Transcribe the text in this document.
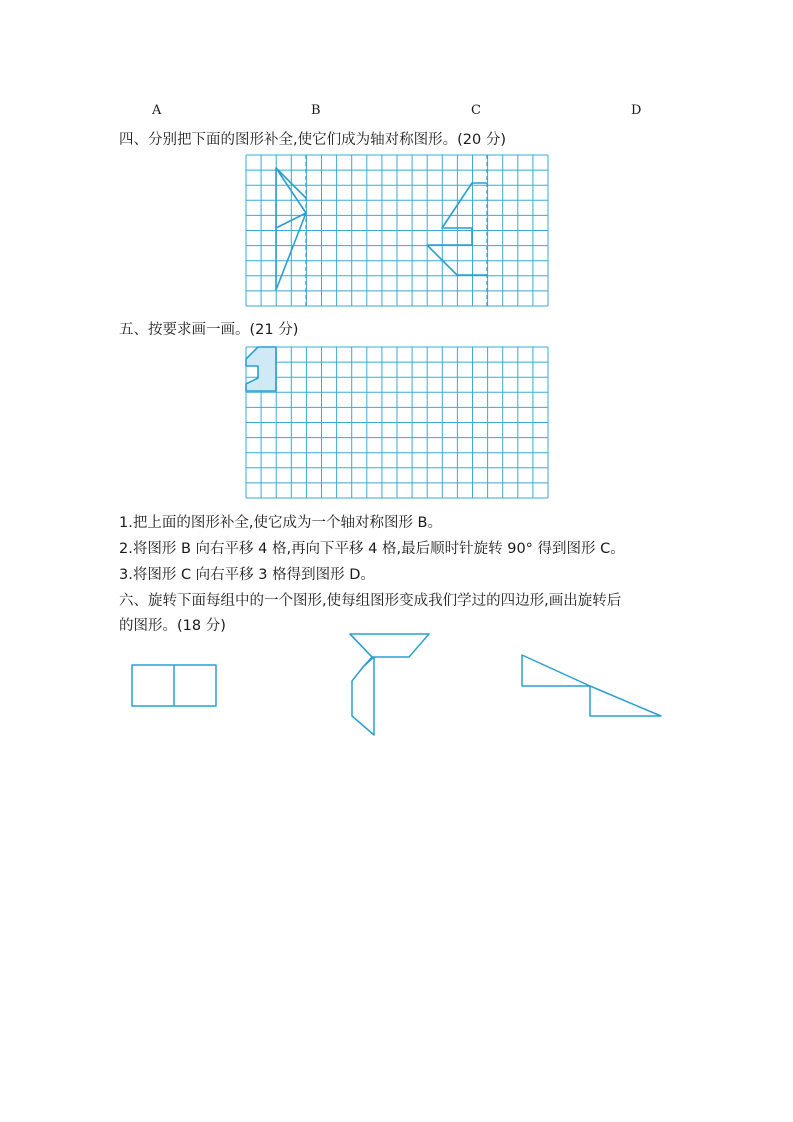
A	B	C	D
四、分别把下面的图形补全,使它们成为轴对称图形。(20 分)
五、按要求画一画。(21 分)
1.把上面的图形补全,使它成为一个轴对称图形 B。
2.将图形 B 向右平移 4 格,再向下平移 4 格,最后顺时针旋转 90° 得到图形 C。
3.将图形 C 向右平移 3 格得到图形 D。
六、旋转下面每组中的一个图形,使每组图形变成我们学过的四边形,画出旋转后
的图形。(18 分)
